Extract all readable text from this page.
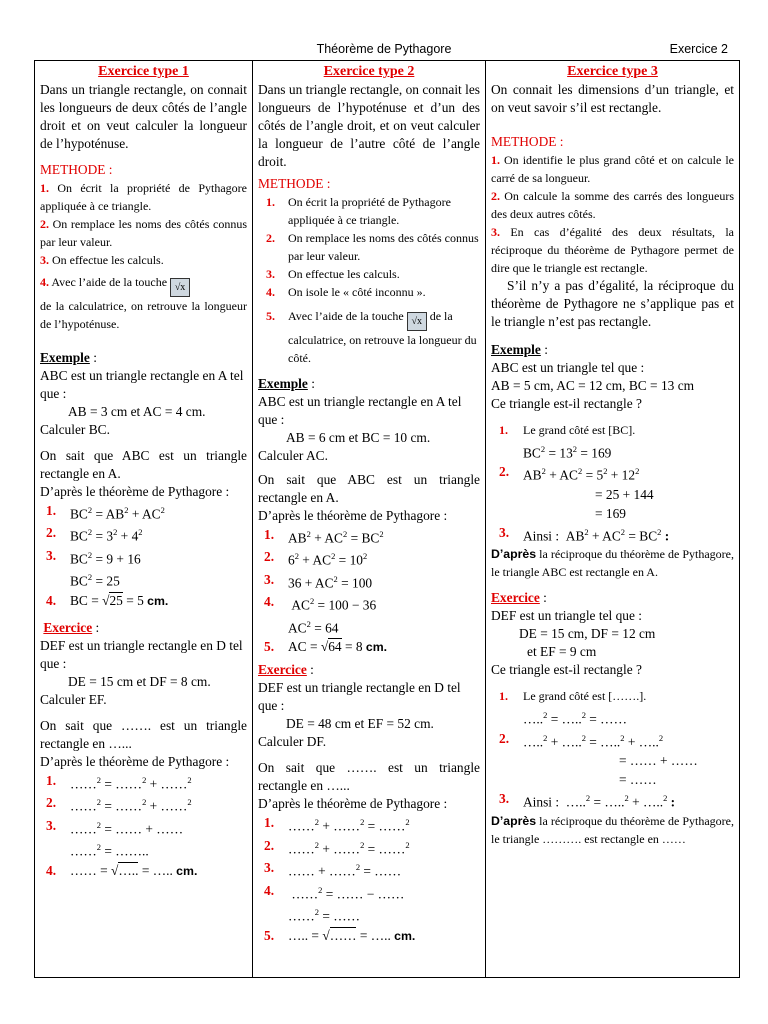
Théorème de Pythagore	Exercice 2
Exercice type 1

Dans un triangle rectangle, on connait les longueurs de deux côtés de l’angle droit et on veut calculer la longueur de l’hypoténuse.

METHODE :

1. On écrit la propriété de Pythagore appliquée à ce triangle.

2. On remplace les noms des côtés connus par leur valeur.

3. On effectue les calculs.

4. Avec l’aide de la touche √x

de la calculatrice, on retrouve la longueur de l’hypoténuse.

Exemple :

ABC est un triangle rectangle en A tel que :

AB = 3 cm et AC = 4 cm.

Calculer BC.

On sait que ABC est un triangle rectangle en A.

D’après le théorème de Pythagore :

1.	$BC^2 = AB^2 + AC^2$
2.	$BC^2 = 3^2 + 4^2$
3.	$BC^2 = 9 + 16$
$BC^2 = 25$
4.	BC = √25 = 5 cm.

Exercice :

DEF est un triangle rectangle en D tel que :

DE = 15 cm et DF = 8 cm.

Calculer EF.

On sait que ……. est un triangle rectangle en …...

D’après le théorème de Pythagore :

1.	……$^2$ = ……$^2$ + ……$^2$
2.	……$^2$ = ……$^2$ + ……$^2$
3.	……$^2$ = …… + ……
……$^2$ = ……..
4.	…… = √….. = ….. cm.

Exercice type 2

Dans un triangle rectangle, on connait les longueurs de l’hypoténuse et d’un des côtés de l’angle droit, et on veut calculer la longueur de l’autre côté de l’angle droit.

METHODE :

1.	On écrit la propriété de Pythagore appliquée à ce triangle.
2.	On remplace les noms des côtés connus par leur valeur.
3.	On effectue les calculs.
4.	On isole le « côté inconnu ».
5.	Avec l’aide de la touche √x de la calculatrice, on retrouve la longueur du côté.

Exemple :

ABC est un triangle rectangle en A tel que :

AB = 6 cm et BC = 10 cm.

Calculer AC.

On sait que ABC est un triangle rectangle en A.

D’après le théorème de Pythagore :

1.	$AB^2 + AC^2 = BC^2$
2.	$6^2 + AC^2 = 10^2$
3.	$36 + AC^2 = 100$
4.	$AC^2 = 100 - 36$
$AC^2 = 64$
5.	AC = √64 = 8 cm.

Exercice :

DEF est un triangle rectangle en D tel que :

DE = 48 cm et EF = 52 cm.

Calculer DF.

On sait que ……. est un triangle rectangle en …...

D’après le théorème de Pythagore :

1.	……$^2$ + ……$^2$ = ……$^2$
2.	……$^2$ + ……$^2$ = ……$^2$
3.	…… + ……$^2$ = ……
4.	……$^2$ = …… − ……
……$^2$ = ……
5.	….. = √…… = ….. cm.

Exercice type 3

On connait les dimensions d’un triangle, et on veut savoir s’il est rectangle.

METHODE :

1. On identifie le plus grand côté et on calcule le carré de sa longueur.

2. On calcule la somme des carrés des longueurs des deux autres côtés.

3. En cas d’égalité des deux résultats, la réciproque du théorème de Pythagore permet de dire que le triangle est rectangle.

S’il n’y a pas d’égalité, la réciproque du théorème de Pythagore ne s’applique pas et le triangle n’est pas rectangle.

Exemple :

ABC est un triangle tel que :

AB = 5 cm, AC = 12 cm, BC = 13 cm

Ce triangle est-il rectangle ?

1.	Le grand côté est [BC].
$BC^2 = 13^2 = 169$
2.	$AB^2 + AC^2 = 5^2 + 12^2$
= 25 + 144
= 169
3.	Ainsi :  $AB^2 + AC^2 = BC^2$ :

D’après la réciproque du théorème de Pythagore, le triangle ABC est rectangle en A.

Exercice :

DEF est un triangle tel que :

DE = 15 cm, DF = 12 cm

et EF = 9 cm

Ce triangle est-il rectangle ?

1.	Le grand côté est […….].
…..$^2$ = …..$^2$ = ……
2.	…..$^2$ + …..$^2$ = …..$^2$ + …..$^2$
= …… + ……
= ……
3.	Ainsi :  …..$^2$ = …..$^2$ + …..$^2$ :

D’après la réciproque du théorème de Pythagore, le triangle ………. est rectangle en ……
